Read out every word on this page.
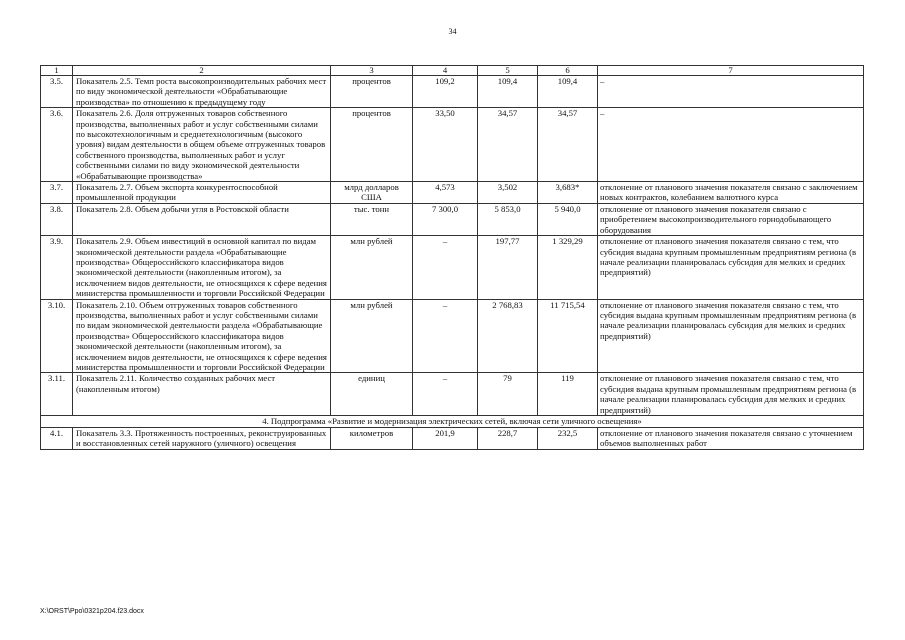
34
1	2	3	4	5	6	7
3.5.	Показатель 2.5. Темп роста высокопроизводительных рабочих мест по виду экономической деятельности «Обрабатывающие производства» по отношению к предыдущему году	процентов	109,2	109,4	109,4	–
3.6.	Показатель 2.6. Доля отгруженных товаров собственного производства, выполненных работ и услуг собственными силами по высокотехнологичным и среднетехнологичным (высокого уровня) видам деятельности в общем объеме отгруженных товаров собственного производства, выполненных работ и услуг собственными силами по виду экономической деятельности «Обрабатывающие производства»	процентов	33,50	34,57	34,57	–
3.7.	Показатель 2.7. Объем экспорта конкурентоспособной промышленной продукции	млрд долларов США	4,573	3,502	3,683*	отклонение от планового значения показателя связано с заключением новых контрактов, колебанием валютного курса
3.8.	Показатель 2.8. Объем добычи угля в Ростовской области	тыс. тонн	7 300,0	5 853,0	5 940,0	отклонение от планового значения показателя связано с приобретением высокопроизводительного горнодобывающего оборудования
3.9.	Показатель 2.9. Объем инвестиций в основной капитал по видам экономической деятельности раздела «Обрабатывающие производства» Общероссийского классификатора видов экономической деятельности (накопленным итогом), за исключением видов деятельности, не относящихся к сфере ведения министерства промышленности и торговли Российской Федерации	млн рублей	–	197,77	1 329,29	отклонение от планового значения показателя связано с тем, что субсидия выдана крупным промышленным предприятиям региона (в начале реализации планировалась субсидия для мелких и средних предприятий)
3.10.	Показатель 2.10. Объем отгруженных товаров собственного производства, выполненных работ и услуг собственными силами по видам экономической деятельности раздела «Обрабатывающие производства» Общероссийского классификатора видов экономической деятельности (накопленным итогом), за исключением видов деятельности, не относящихся к сфере ведения министерства промышленности и торговли Российской Федерации	млн рублей	–	2 768,83	11 715,54	отклонение от планового значения показателя связано с тем, что субсидия выдана крупным промышленным предприятиям региона (в начале реализации планировалась субсидия для мелких и средних предприятий)
3.11.	Показатель 2.11. Количество созданных рабочих мест (накопленным итогом)	единиц	–	79	119	отклонение от планового значения показателя связано с тем, что субсидия выдана крупным промышленным предприятиям региона (в начале реализации планировалась субсидия для мелких и средних предприятий)
4. Подпрограмма «Развитие и модернизация электрических сетей, включая сети уличного освещения»						
4.1.	Показатель 3.3. Протяженность построенных, реконструированных и восстановленных сетей наружного (уличного) освещения	километров	201,9	228,7	232,5	отклонение от планового значения показателя связано с уточнением объемов выполненных работ
X:\ORST\Ppo\0321p204.f23.docx
